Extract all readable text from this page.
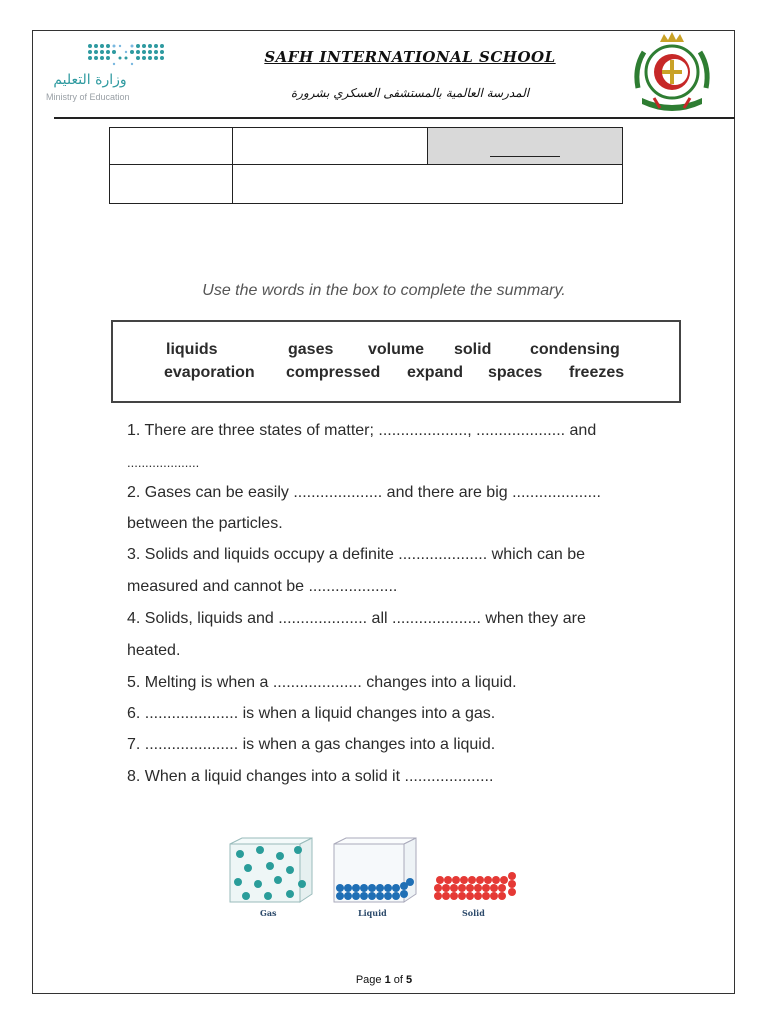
وزارة التعليم
Ministry of Education
SAFH INTERNATIONAL SCHOOL
المدرسة العالمية بالمستشفى العسكري بشرورة

Use the words in the box to complete the summary.
liquids	gases volume solid condensing
evaporation compressed expand spaces freezes
1. There are three states of matter; ...................., .................... and
....................
2. Gases can be easily .................... and there are big ....................
between the particles.
3. Solids and liquids occupy a definite .................... which can be
measured and cannot be ....................
4. Solids, liquids and .................... all .................... when they are
heated.
5. Melting is when a .................... changes into a liquid.
6. ..................... is when a liquid changes into a gas.
7. ..................... is when a gas changes into a liquid.
8. When a liquid changes into a solid it ....................
Gas	Liquid	Solid
Page 1 of 5
